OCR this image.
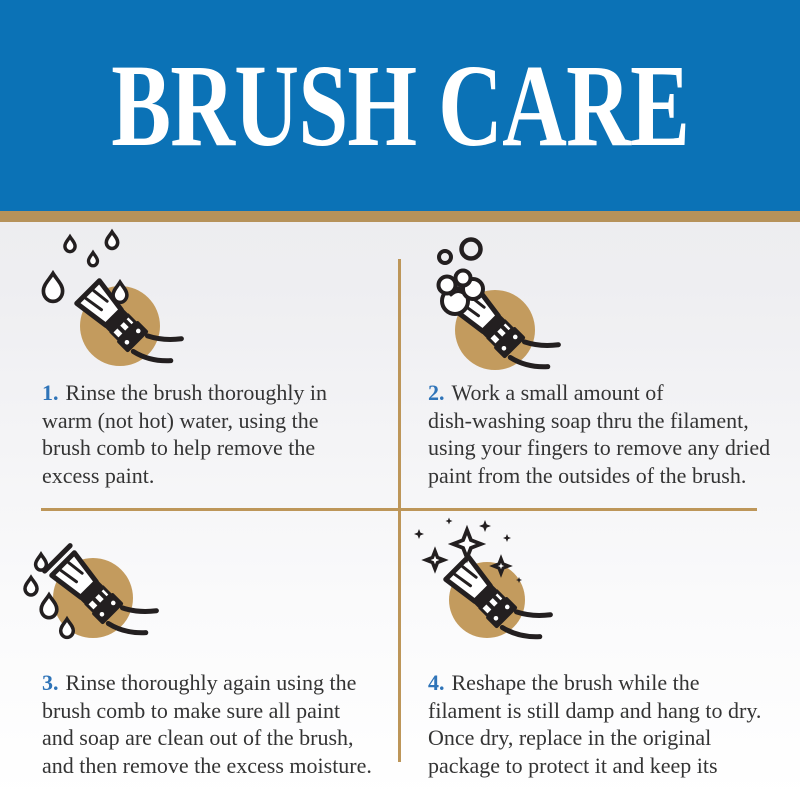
BRUSH CARE
1. Rinse the brush thoroughly in
warm (not hot) water, using the
brush comb to help remove the
excess paint.
2. Work a small amount of
dish-washing soap thru the filament,
using your fingers to remove any dried
paint from the outsides of the brush.
3. Rinse thoroughly again using the
brush comb to make sure all paint
and soap are clean out of the brush,
and then remove the excess moisture.
4. Reshape the brush while the
filament is still damp and hang to dry.
Once dry, replace in the original
package to protect it and keep its
